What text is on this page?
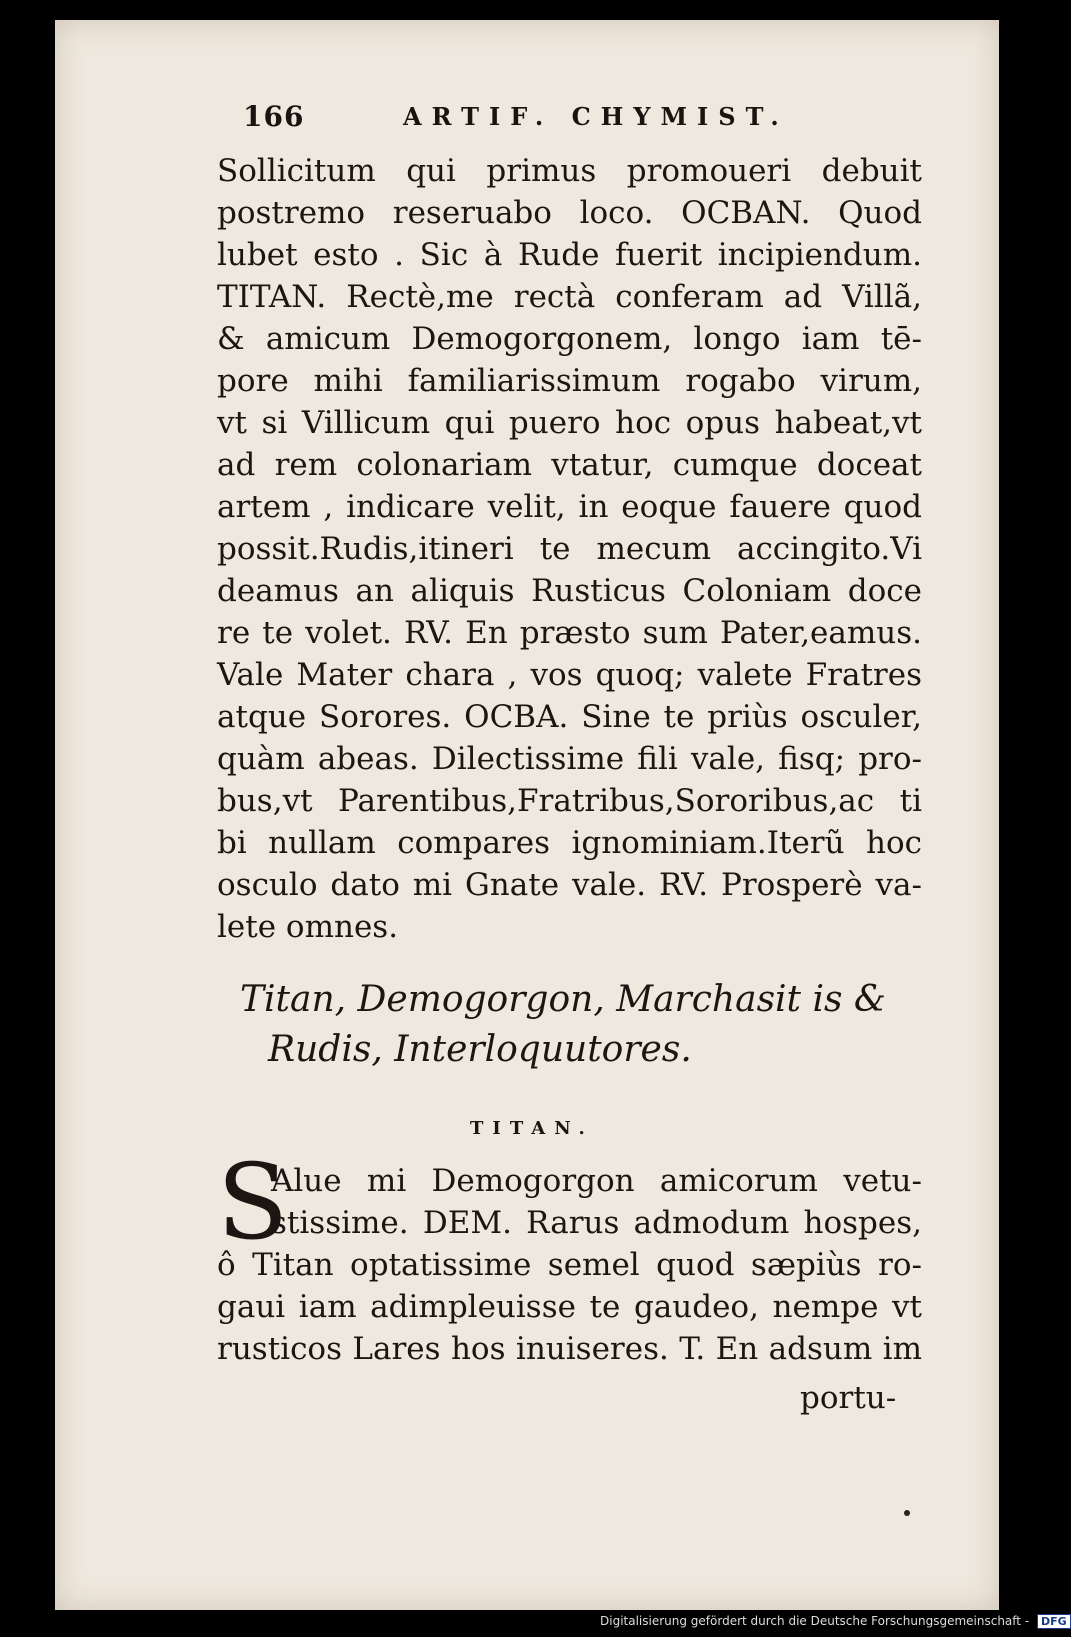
166	ARTIF. CHYMIST.
Sollicitum qui primus promoueri debuit
postremo reseruabo loco. OCBAN. Quod
lubet esto . Sic à Rude fuerit incipiendum.
TITAN. Rectè,me rectà conferam ad Villã,
& amicum Demogorgonem, longo iam tē-
pore mihi familiarissimum rogabo virum,
vt si Villicum qui puero hoc opus habeat,vt
ad rem colonariam vtatur, cumque doceat
artem , indicare velit, in eoque fauere quod
possit.Rudis,itineri te mecum accingito.Vi
deamus an aliquis Rusticus Coloniam doce
re te volet. RV. En præsto sum Pater,eamus.
Vale Mater chara , vos quoq; valete Fratres
atque Sorores. OCBA. Sine te priùs osculer,
quàm abeas. Dilectissime fili vale, fisq; pro-
bus,vt Parentibus,Fratribus,Sororibus,ac ti
bi nullam compares ignominiam.Iterũ hoc
osculo dato mi Gnate vale. RV. Prosperè va-
lete omnes.
Titan, Demogorgon, Marchasit is &
Rudis, Interloquutores.
TITAN.
S
Alue mi Demogorgon amicorum vetu-
stissime. DEM. Rarus admodum hospes,
ô Titan optatissime semel quod sæpiùs ro-
gaui iam adimpleuisse te gaudeo, nempe vt
rusticos Lares hos inuiseres. T. En adsum im
portu-
Digitalisierung gefördert durch die Deutsche Forschungsgemeinschaft - DFG
